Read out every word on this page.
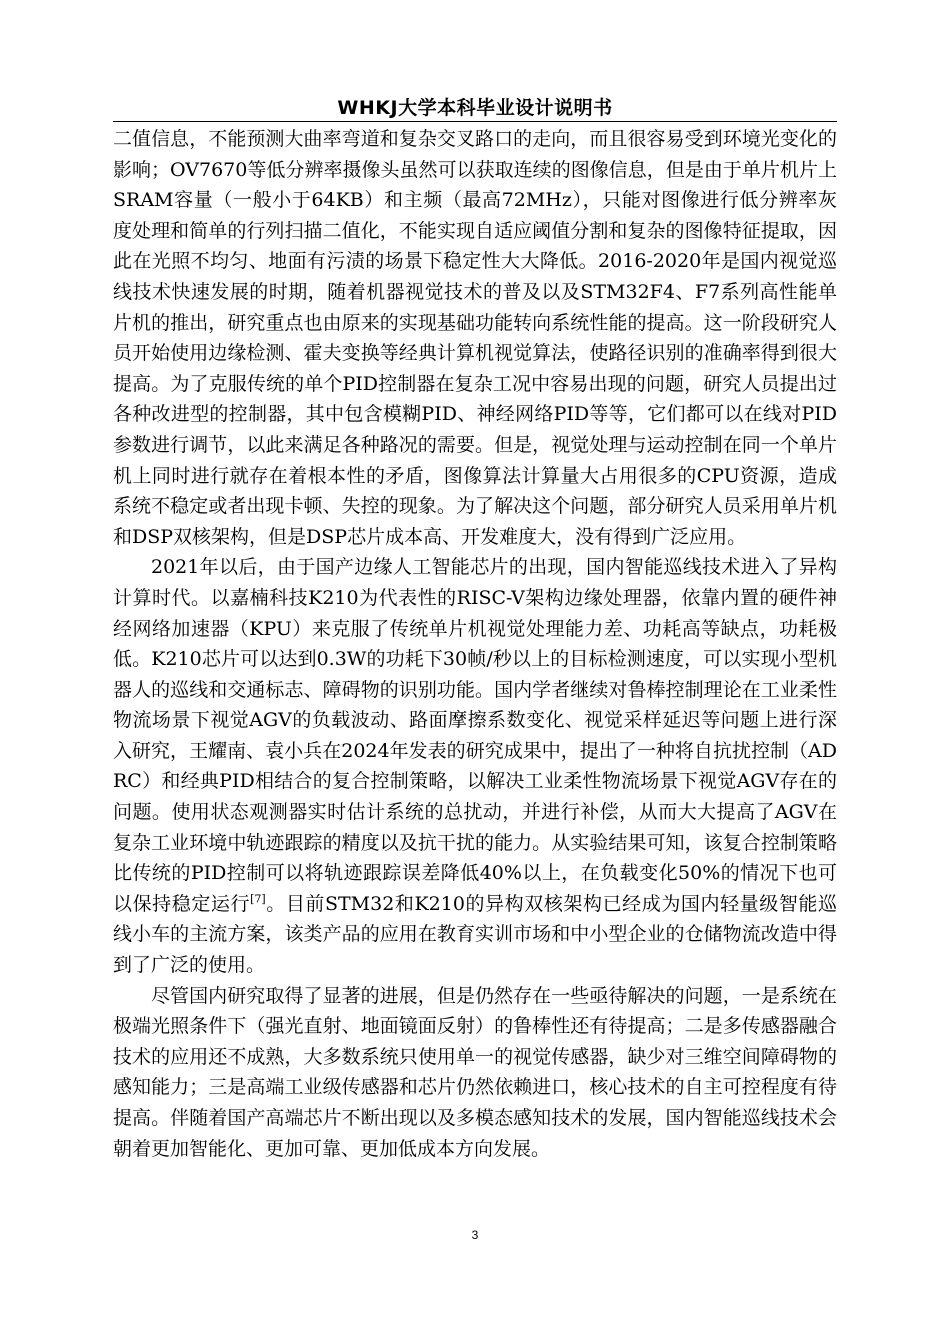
WHKJ大学本科毕业设计说明书

二值信息，不能预测大曲率弯道和复杂交叉路口的走向，而且很容易受到环境光变化的影响；OV7670等低分辨率摄像头虽然可以获取连续的图像信息，但是由于单片机片上SRAM容量（一般小于64KB）和主频（最高72MHz），只能对图像进行低分辨率灰度处理和简单的行列扫描二值化，不能实现自适应阈值分割和复杂的图像特征提取，因此在光照不均匀、地面有污渍的场景下稳定性大大降低。2016-2020年是国内视觉巡线技术快速发展的时期，随着机器视觉技术的普及以及STM32F4、F7系列高性能单片机的推出，研究重点也由原来的实现基础功能转向系统性能的提高。这一阶段研究人员开始使用边缘检测、霍夫变换等经典计算机视觉算法，使路径识别的准确率得到很大提高。为了克服传统的单个PID控制器在复杂工况中容易出现的问题，研究人员提出过各种改进型的控制器，其中包含模糊PID、神经网络PID等等，它们都可以在线对PID参数进行调节，以此来满足各种路况的需要。但是，视觉处理与运动控制在同一个单片机上同时进行就存在着根本性的矛盾，图像算法计算量大占用很多的CPU资源，造成系统不稳定或者出现卡顿、失控的现象。为了解决这个问题，部分研究人员采用单片机和DSP双核架构，但是DSP芯片成本高、开发难度大，没有得到广泛应用。

2021年以后，由于国产边缘人工智能芯片的出现，国内智能巡线技术进入了异构计算时代。以嘉楠科技K210为代表性的RISC-V架构边缘处理器，依靠内置的硬件神经网络加速器（KPU）来克服了传统单片机视觉处理能力差、功耗高等缺点，功耗极低。K210芯片可以达到0.3W的功耗下30帧/秒以上的目标检测速度，可以实现小型机器人的巡线和交通标志、障碍物的识别功能。国内学者继续对鲁棒控制理论在工业柔性物流场景下视觉AGV的负载波动、路面摩擦系数变化、视觉采样延迟等问题上进行深入研究，王耀南、袁小兵在2024年发表的研究成果中，提出了一种将自抗扰控制（ADRC）和经典PID相结合的复合控制策略，以解决工业柔性物流场景下视觉AGV存在的问题。使用状态观测器实时估计系统的总扰动，并进行补偿，从而大大提高了AGV在复杂工业环境中轨迹跟踪的精度以及抗干扰的能力。从实验结果可知，该复合控制策略比传统的PID控制可以将轨迹跟踪误差降低40%以上，在负载变化50%的情况下也可以保持稳定运行[7]。目前STM32和K210的异构双核架构已经成为国内轻量级智能巡线小车的主流方案，该类产品的应用在教育实训市场和中小型企业的仓储物流改造中得到了广泛的使用。

尽管国内研究取得了显著的进展，但是仍然存在一些亟待解决的问题，一是系统在极端光照条件下（强光直射、地面镜面反射）的鲁棒性还有待提高；二是多传感器融合技术的应用还不成熟，大多数系统只使用单一的视觉传感器，缺少对三维空间障碍物的感知能力；三是高端工业级传感器和芯片仍然依赖进口，核心技术的自主可控程度有待提高。伴随着国产高端芯片不断出现以及多模态感知技术的发展，国内智能巡线技术会朝着更加智能化、更加可靠、更加低成本方向发展。

3
